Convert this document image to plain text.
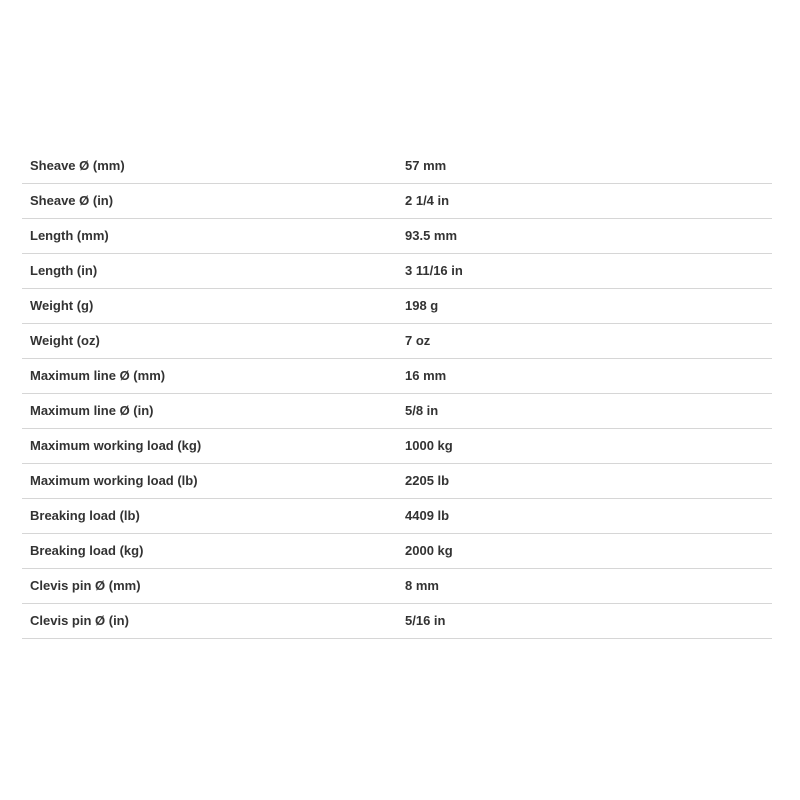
Sheave Ø (mm)	57 mm
Sheave Ø (in)	2 1/4 in
Length (mm)	93.5 mm
Length (in)	3 11/16 in
Weight (g)	198 g
Weight (oz)	7 oz
Maximum line Ø (mm)	16 mm
Maximum line Ø (in)	5/8 in
Maximum working load (kg)	1000 kg
Maximum working load (lb)	2205 lb
Breaking load (lb)	4409 lb
Breaking load (kg)	2000 kg
Clevis pin Ø (mm)	8 mm
Clevis pin Ø (in)	5/16 in
